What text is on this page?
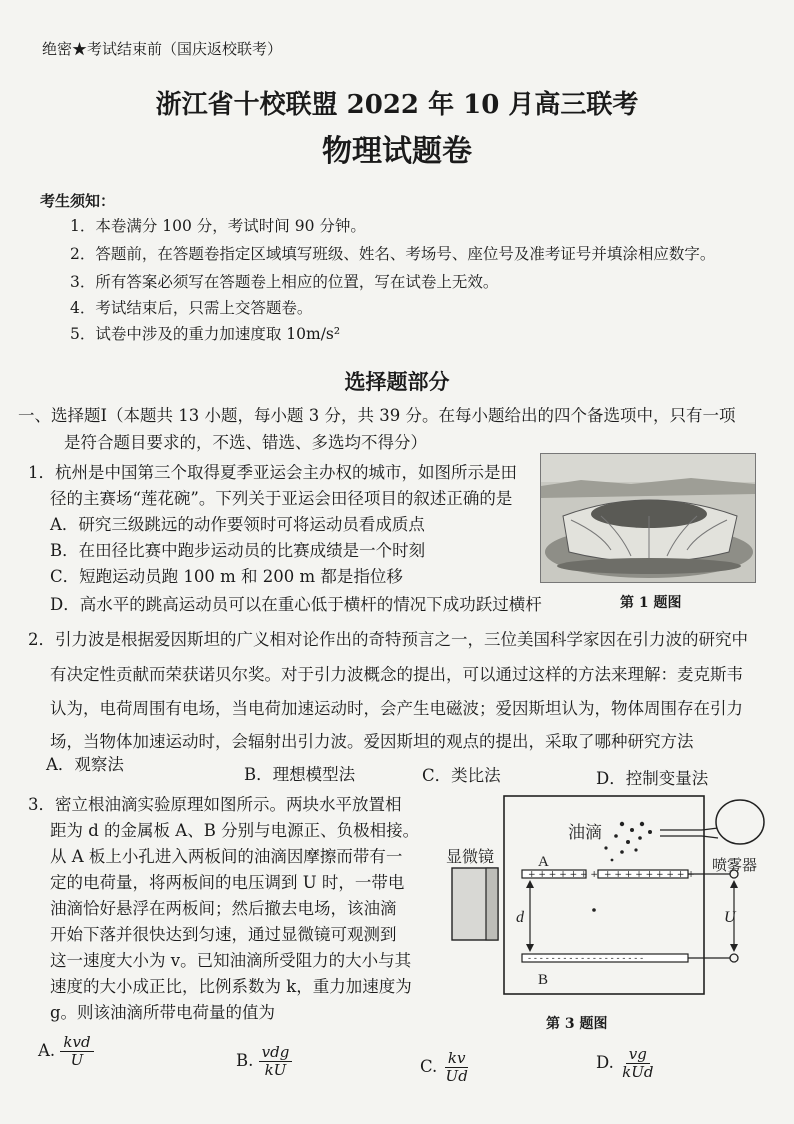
绝密★考试结束前（国庆返校联考）
浙江省十校联盟 2022 年 10 月高三联考
物理试题卷
考生须知：
1．本卷满分 100 分，考试时间 90 分钟。
2．答题前，在答题卷指定区域填写班级、姓名、考场号、座位号及准考证号并填涂相应数字。
3．所有答案必须写在答题卷上相应的位置，写在试卷上无效。
4．考试结束后，只需上交答题卷。
5．试卷中涉及的重力加速度取 10m/s²
选择题部分
一、选择题Ⅰ（本题共 13 小题，每小题 3 分，共 39 分。在每小题给出的四个备选项中，只有一项
是符合题目要求的，不选、错选、多选均不得分）
1．杭州是中国第三个取得夏季亚运会主办权的城市，如图所示是田
径的主赛场“莲花碗”。下列关于亚运会田径项目的叙述正确的是
A．研究三级跳远的动作要领时可将运动员看成质点
B．在田径比赛中跑步运动员的比赛成绩是一个时刻
C．短跑运动员跑 100 m 和 200 m 都是指位移
D．高水平的跳高运动员可以在重心低于横杆的情况下成功跃过横杆	第 1 题图
2．引力波是根据爱因斯坦的广义相对论作出的奇特预言之一，三位美国科学家因在引力波的研究中
有决定性贡献而荣获诺贝尔奖。对于引力波概念的提出，可以通过这样的方法来理解：麦克斯韦
认为，电荷周围有电场，当电荷加速运动时，会产生电磁波；爱因斯坦认为，物体周围存在引力
场，当物体加速运动时，会辐射出引力波。爱因斯坦的观点的提出，采取了哪种研究方法
A．观察法
B．理想模型法	C．类比法	D．控制变量法
3．密立根油滴实验原理如图所示。两块水平放置相
距为 d 的金属板 A、B 分别与电源正、负极相接。
从 A 板上小孔进入两板间的油滴因摩擦而带有一
定的电荷量，将两板间的电压调到 U 时，一带电
油滴恰好悬浮在两板间；然后撤去电场，该油滴
开始下落并很快达到匀速，通过显微镜可观测到
这一速度大小为 v。已知油滴所受阻力的大小与其
速度的大小成正比，比例系数为 k，重力加速度为
g。则该油滴所带电荷量的值为
+ + + + + + + + + + + + + + + +
- - - - - - - - - - - - - - - - - - - -
油滴
显微镜	喷雾器
A
B
d	U
第 3 题图
A. $\frac{\text{kvd}}{U}$	B. $\frac{\text{vdg}}{kU}$	C. $\frac{kv}{Ud}$	D. $\frac{vg}{\text{kUd}}$
